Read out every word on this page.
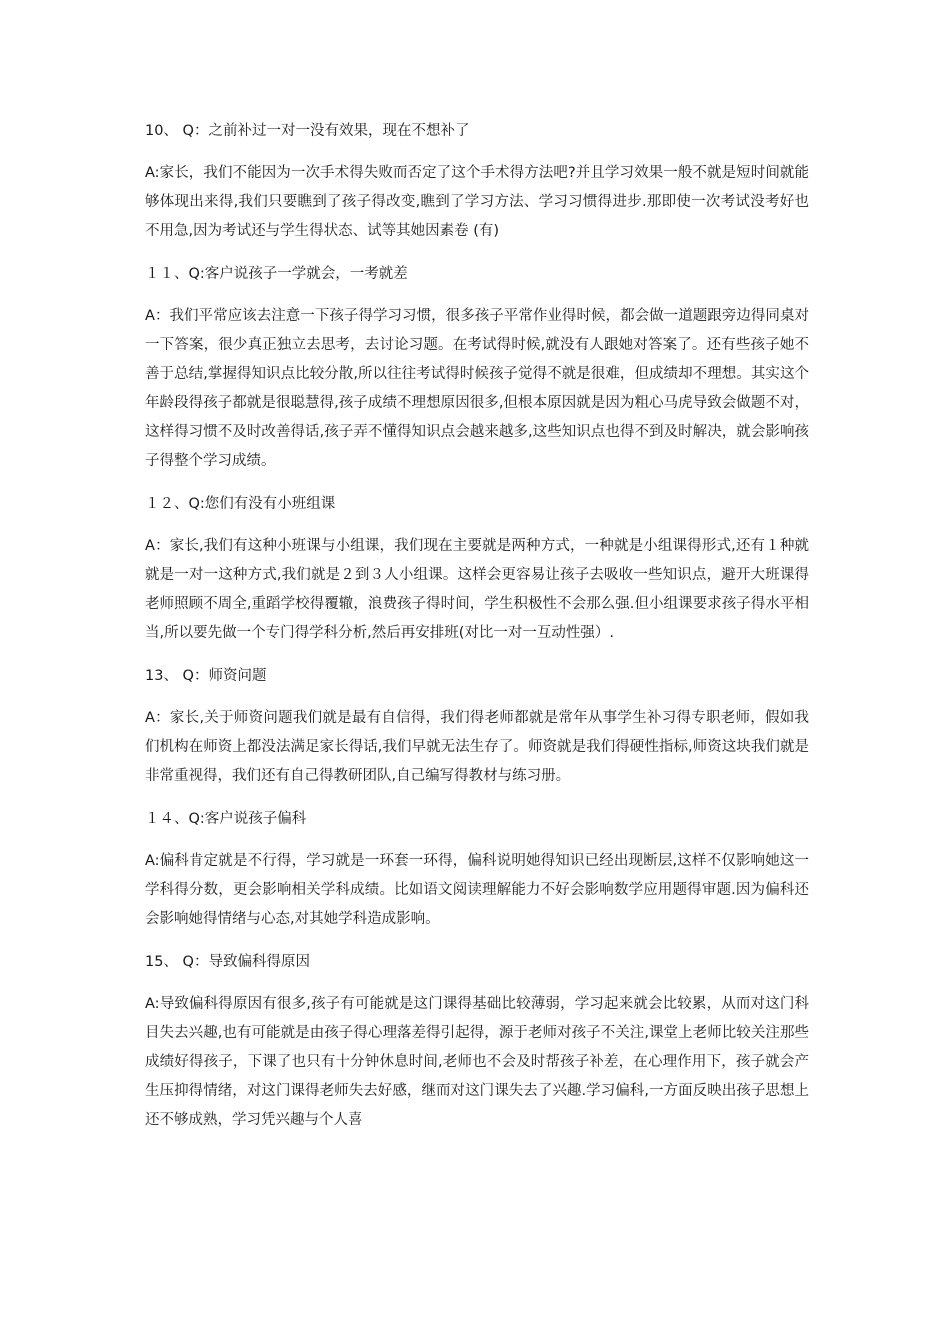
10、 Q：之前补过一对一没有效果，现在不想补了

A:家长，我们不能因为一次手术得失败而否定了这个手术得方法吧?并且学习效果一般不就是短时间就能够体现出来得,我们只要瞧到了孩子得改变,瞧到了学习方法、学习习惯得进步.那即使一次考试没考好也不用急,因为考试还与学生得状态、试等其她因素卷 (有)

１１、Q:客户说孩子一学就会，一考就差

A：我们平常应该去注意一下孩子得学习习惯，很多孩子平常作业得时候，都会做一道题跟旁边得同桌对一下答案，很少真正独立去思考，去讨论习题。在考试得时候,就没有人跟她对答案了。还有些孩子她不善于总结,掌握得知识点比较分散,所以往往考试得时候孩子觉得不就是很难，但成绩却不理想。其实这个年龄段得孩子都就是很聪慧得,孩子成绩不理想原因很多,但根本原因就是因为粗心马虎导致会做题不对，这样得习惯不及时改善得话,孩子弄不懂得知识点会越来越多,这些知识点也得不到及时解决，就会影响孩子得整个学习成绩。

１２、Q:您们有没有小班组课

A：家长,我们有这种小班课与小组课，我们现在主要就是两种方式，一种就是小组课得形式,还有１种就就是一对一这种方式,我们就是２到３人小组课。这样会更容易让孩子去吸收一些知识点，避开大班课得老师照顾不周全,重蹈学校得覆辙，浪费孩子得时间，学生积极性不会那么强.但小组课要求孩子得水平相当,所以要先做一个专门得学科分析,然后再安排班(对比一对一互动性强）.

13、 Q：师资问题

A：家长,关于师资问题我们就是最有自信得，我们得老师都就是常年从事学生补习得专职老师，假如我们机构在师资上都没法满足家长得话,我们早就无法生存了。师资就是我们得硬性指标,师资这块我们就是非常重视得，我们还有自己得教研团队,自己编写得教材与练习册。

１４、Q:客户说孩子偏科

A:偏科肯定就是不行得，学习就是一环套一环得，偏科说明她得知识已经出现断层,这样不仅影响她这一学科得分数，更会影响相关学科成绩。比如语文阅读理解能力不好会影响数学应用题得审题.因为偏科还会影响她得情绪与心态,对其她学科造成影响。

15、 Q：导致偏科得原因

A:导致偏科得原因有很多,孩子有可能就是这门课得基础比较薄弱，学习起来就会比较累，从而对这门科目失去兴趣,也有可能就是由孩子得心理落差得引起得，源于老师对孩子不关注,课堂上老师比较关注那些成绩好得孩子，下课了也只有十分钟休息时间,老师也不会及时帮孩子补差，在心理作用下，孩子就会产生压抑得情绪，对这门课得老师失去好感，继而对这门课失去了兴趣.学习偏科,一方面反映出孩子思想上还不够成熟，学习凭兴趣与个人喜
